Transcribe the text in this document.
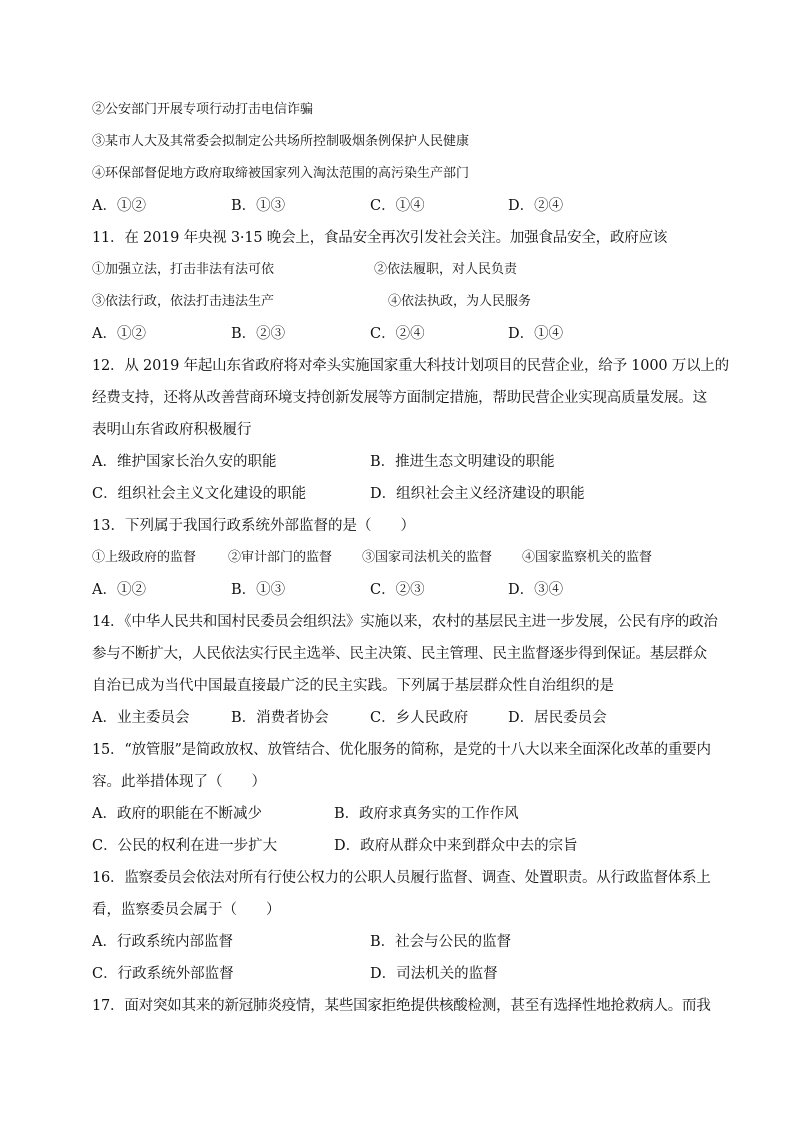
②公安部门开展专项行动打击电信诈骗
③某市人大及其常委会拟制定公共场所控制吸烟条例保护人民健康
④环保部督促地方政府取缔被国家列入淘汰范围的高污染生产部门
A．①②	B．①③	C．①④	D．②④
11．在 2019 年央视 3·15 晚会上，食品安全再次引发社会关注。加强食品安全，政府应该
①加强立法，打击非法有法可依	②依法履职，对人民负责
③依法行政，依法打击违法生产	④依法执政，为人民服务
A．①②	B．②③	C．②④	D．①④
12．从 2019 年起山东省政府将对牵头实施国家重大科技计划项目的民营企业，给予 1000 万以上的
经费支持，还将从改善营商环境支持创新发展等方面制定措施，帮助民营企业实现高质量发展。这
表明山东省政府积极履行
A．维护国家长治久安的职能	B．推进生态文明建设的职能
C．组织社会主义文化建设的职能	D．组织社会主义经济建设的职能
13．下列属于我国行政系统外部监督的是（　　）
①上级政府的监督 ②审计部门的监督 ③国家司法机关的监督 ④国家监察机关的监督
A．①②	B．①③	C．②③	D．③④
14．《中华人民共和国村民委员会组织法》实施以来，农村的基层民主进一步发展，公民有序的政治
参与不断扩大，人民依法实行民主选举、民主决策、民主管理、民主监督逐步得到保证。基层群众
自治已成为当代中国最直接最广泛的民主实践。下列属于基层群众性自治组织的是
A．业主委员会	B．消费者协会	C．乡人民政府	D．居民委员会
15．“放管服”是简政放权、放管结合、优化服务的简称，是党的十八大以来全面深化改革的重要内
容。此举措体现了（　　）
A．政府的职能在不断减少	B．政府求真务实的工作作风
C．公民的权利在进一步扩大	D．政府从群众中来到群众中去的宗旨
16．监察委员会依法对所有行使公权力的公职人员履行监督、调查、处置职责。从行政监督体系上
看，监察委员会属于（　　）
A．行政系统内部监督	B．社会与公民的监督
C．行政系统外部监督	D．司法机关的监督
17．面对突如其来的新冠肺炎疫情，某些国家拒绝提供核酸检测，甚至有选择性地抢救病人。而我
